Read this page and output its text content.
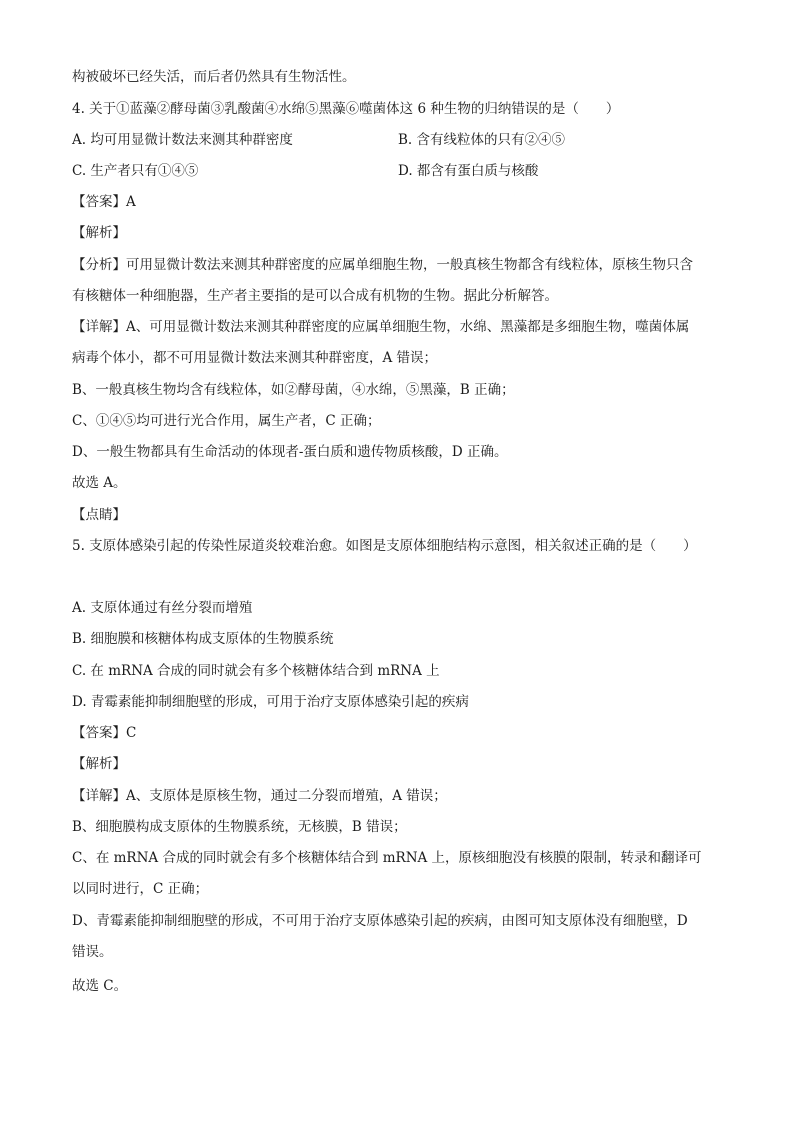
构被破坏已经失活，而后者仍然具有生物活性。
4. 关于①蓝藻②酵母菌③乳酸菌④水绵⑤黑藻⑥噬菌体这 6 种生物的归纳错误的是（　　）
A. 均可用显微计数法来测其种群密度	B. 含有线粒体的只有②④⑤
C. 生产者只有①④⑤	D. 都含有蛋白质与核酸
【答案】A
【解析】
【分析】可用显微计数法来测其种群密度的应属单细胞生物，一般真核生物都含有线粒体，原核生物只含
有核糖体一种细胞器，生产者主要指的是可以合成有机物的生物。据此分析解答。
【详解】A、可用显微计数法来测其种群密度的应属单细胞生物，水绵、黑藻都是多细胞生物，噬菌体属
病毒个体小，都不可用显微计数法来测其种群密度，A 错误；
B、一般真核生物均含有线粒体，如②酵母菌，④水绵，⑤黑藻，B 正确；
C、①④⑤均可进行光合作用，属生产者，C 正确；
D、一般生物都具有生命活动的体现者-蛋白质和遗传物质核酸，D 正确。
故选 A。
【点睛】
5. 支原体感染引起的传染性尿道炎较难治愈。如图是支原体细胞结构示意图，相关叙述正确的是（　　）
A. 支原体通过有丝分裂而增殖
B. 细胞膜和核糖体构成支原体的生物膜系统
C. 在 mRNA 合成的同时就会有多个核糖体结合到 mRNA 上
D. 青霉素能抑制细胞壁的形成，可用于治疗支原体感染引起的疾病
【答案】C
【解析】
【详解】A、支原体是原核生物，通过二分裂而增殖，A 错误；
B、细胞膜构成支原体的生物膜系统，无核膜，B 错误；
C、在 mRNA 合成的同时就会有多个核糖体结合到 mRNA 上，原核细胞没有核膜的限制，转录和翻译可
以同时进行，C 正确；
D、青霉素能抑制细胞壁的形成，不可用于治疗支原体感染引起的疾病，由图可知支原体没有细胞壁，D
错误。
故选 C。
